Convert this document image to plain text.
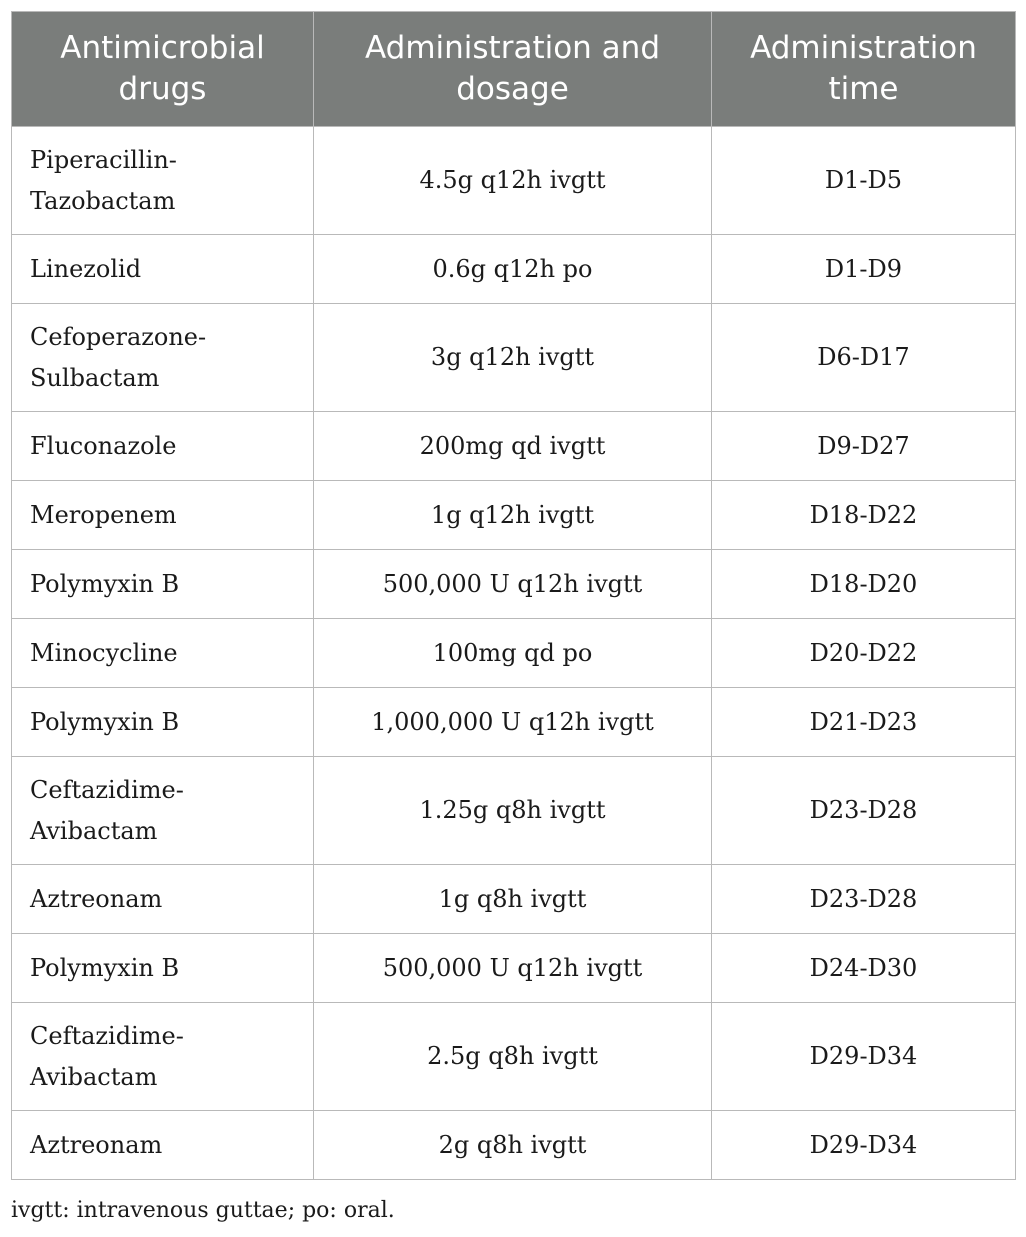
Antimicrobial drugs	Administration and dosage	Administration time
Piperacillin-Tazobactam	4.5g q12h ivgtt	D1-D5
Linezolid	0.6g q12h po	D1-D9
Cefoperazone-Sulbactam	3g q12h ivgtt	D6-D17
Fluconazole	200mg qd ivgtt	D9-D27
Meropenem	1g q12h ivgtt	D18-D22
Polymyxin B	500,000 U q12h ivgtt	D18-D20
Minocycline	100mg qd po	D20-D22
Polymyxin B	1,000,000 U q12h ivgtt	D21-D23
Ceftazidime-Avibactam	1.25g q8h ivgtt	D23-D28
Aztreonam	1g q8h ivgtt	D23-D28
Polymyxin B	500,000 U q12h ivgtt	D24-D30
Ceftazidime-Avibactam	2.5g q8h ivgtt	D29-D34
Aztreonam	2g q8h ivgtt	D29-D34
ivgtt: intravenous guttae; po: oral.
